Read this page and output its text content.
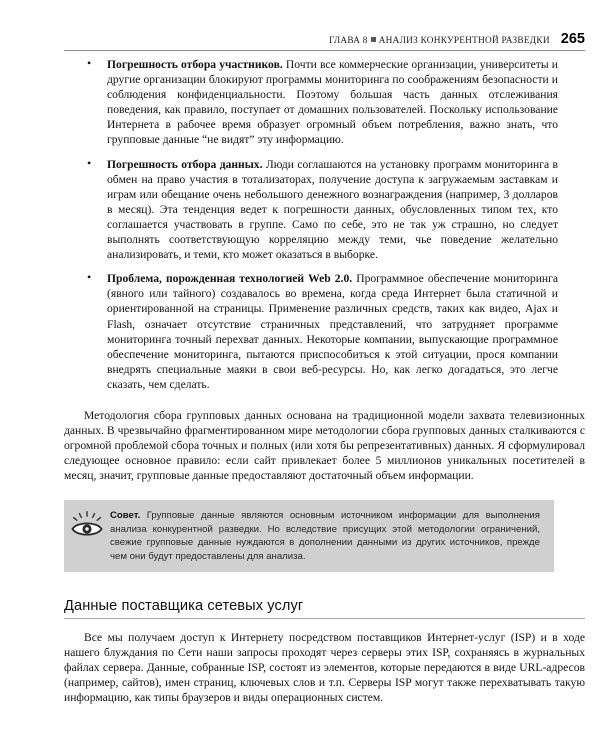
ГЛАВА 8 АНАЛИЗ КОНКУРЕНТНОЙ РАЗВЕДКИ 265

• Погрешность отбора участников. Почти все коммерческие организации, университеты и другие организации блокируют программы мониторинга по соображениям безопасности и соблюдения конфиденциальности. Поэтому большая часть данных отслеживания поведения, как правило, поступает от домашних пользователей. Поскольку использование Интернета в рабочее время образует огромный объем потребления, важно знать, что групповые данные “не видят” эту информацию.

• Погрешность отбора данных. Люди соглашаются на установку программ мониторинга в обмен на право участия в тотализаторах, получение доступа к загружаемым заставкам и играм или обещание очень небольшого денежного вознаграждения (например, 3 долларов в месяц). Эта тенденция ведет к погрешности данных, обусловленных типом тех, кто соглашается участвовать в группе. Само по себе, это не так уж страшно, но следует выполнять соответствующую корреляцию между теми, чье поведение желательно анализировать, и теми, кто может оказаться в выборке.

• Проблема, порожденная технологией Web 2.0. Программное обеспечение мониторинга (явного или тайного) создавалось во времена, когда среда Интернет была статичной и ориентированной на страницы. Применение различных средств, таких как видео, Ajax и Flash, означает отсутствие страничных представлений, что затрудняет программе мониторинга точный перехват данных. Некоторые компании, выпускающие программное обеспечение мониторинга, пытаются приспособиться к этой ситуации, прося компании внедрять специальные маяки в свои веб-ресурсы. Но, как легко догадаться, это легче сказать, чем сделать.

Методология сбора групповых данных основана на традиционной модели захвата телевизионных данных. В чрезвычайно фрагментированном мире методологии сбора групповых данных сталкиваются с огромной проблемой сбора точных и полных (или хотя бы репрезентативных) данных. Я сформулировал следующее основное правило: если сайт привлекает более 5 миллионов уникальных посетителей в месяц, значит, групповые данные предоставляют достаточный объем информации.

Совет. Групповые данные являются основным источником информации для выполнения анализа конкурентной разведки. Но вследствие присущих этой методологии ограничений, свежие групповые данные нуждаются в дополнении данными из других источников, прежде чем они будут предоставлены для анализа.
Данные поставщика сетевых услуг

Все мы получаем доступ к Интернету посредством поставщиков Интернет-услуг (ISP) и в ходе нашего блуждания по Сети наши запросы проходят через серверы этих ISP, сохраняясь в журнальных файлах сервера. Данные, собранные ISP, состоят из элементов, которые передаются в виде URL-адресов (например, сайтов), имен страниц, ключевых слов и т.п. Серверы ISP могут также перехватывать такую информацию, как типы браузеров и виды операционных систем.
